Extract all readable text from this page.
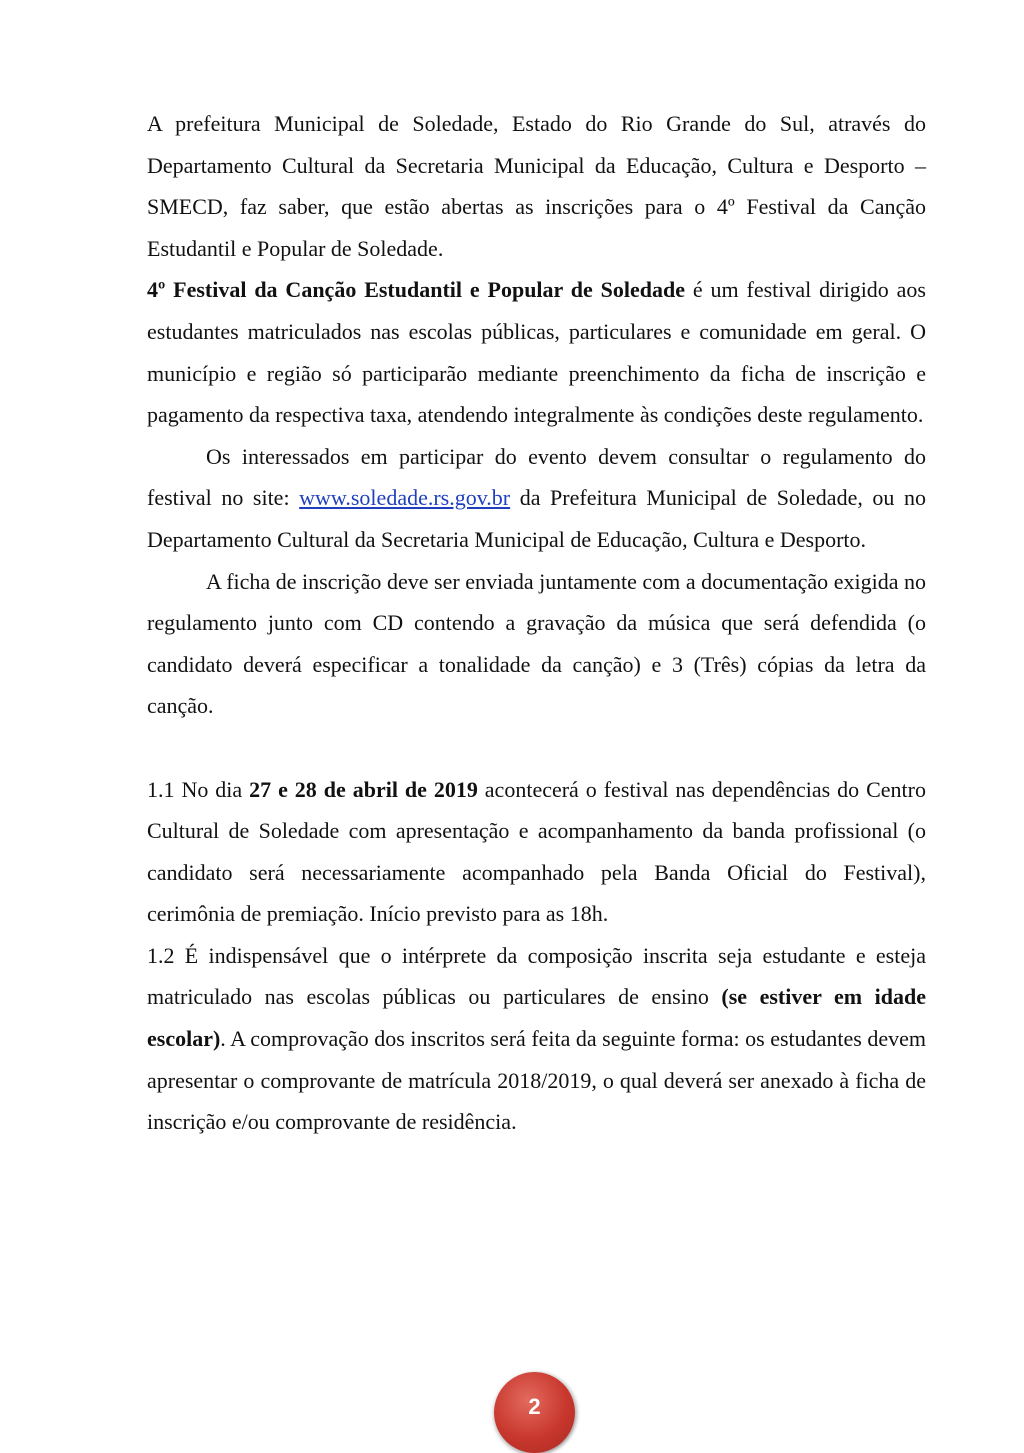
A prefeitura Municipal de Soledade, Estado do Rio Grande do Sul, através do Departamento Cultural da Secretaria Municipal da Educação, Cultura e Desporto – SMECD, faz saber, que estão abertas as inscrições para o 4º Festival da Canção Estudantil e Popular de Soledade.

4º Festival da Canção Estudantil e Popular de Soledade é um festival dirigido aos estudantes matriculados nas escolas públicas, particulares e comunidade em geral. O município e região só participarão mediante preenchimento da ficha de inscrição e pagamento da respectiva taxa, atendendo integralmente às condições deste regulamento.

Os interessados em participar do evento devem consultar o regulamento do festival no site: www.soledade.rs.gov.br da Prefeitura Municipal de Soledade, ou no Departamento Cultural da Secretaria Municipal de Educação, Cultura e Desporto.

A ficha de inscrição deve ser enviada juntamente com a documentação exigida no regulamento junto com CD contendo a gravação da música que será defendida (o candidato deverá especificar a tonalidade da canção) e 3 (Três) cópias da letra da canção.

1.1 No dia 27 e 28 de abril de 2019 acontecerá o festival nas dependências do Centro Cultural de Soledade com apresentação e acompanhamento da banda profissional (o candidato será necessariamente acompanhado pela Banda Oficial do Festival), cerimônia de premiação. Início previsto para as 18h.

1.2 É indispensável que o intérprete da composição inscrita seja estudante e esteja matriculado nas escolas públicas ou particulares de ensino (se estiver em idade escolar). A comprovação dos inscritos será feita da seguinte forma: os estudantes devem apresentar o comprovante de matrícula 2018/2019, o qual deverá ser anexado à ficha de inscrição e/ou comprovante de residência.

2
